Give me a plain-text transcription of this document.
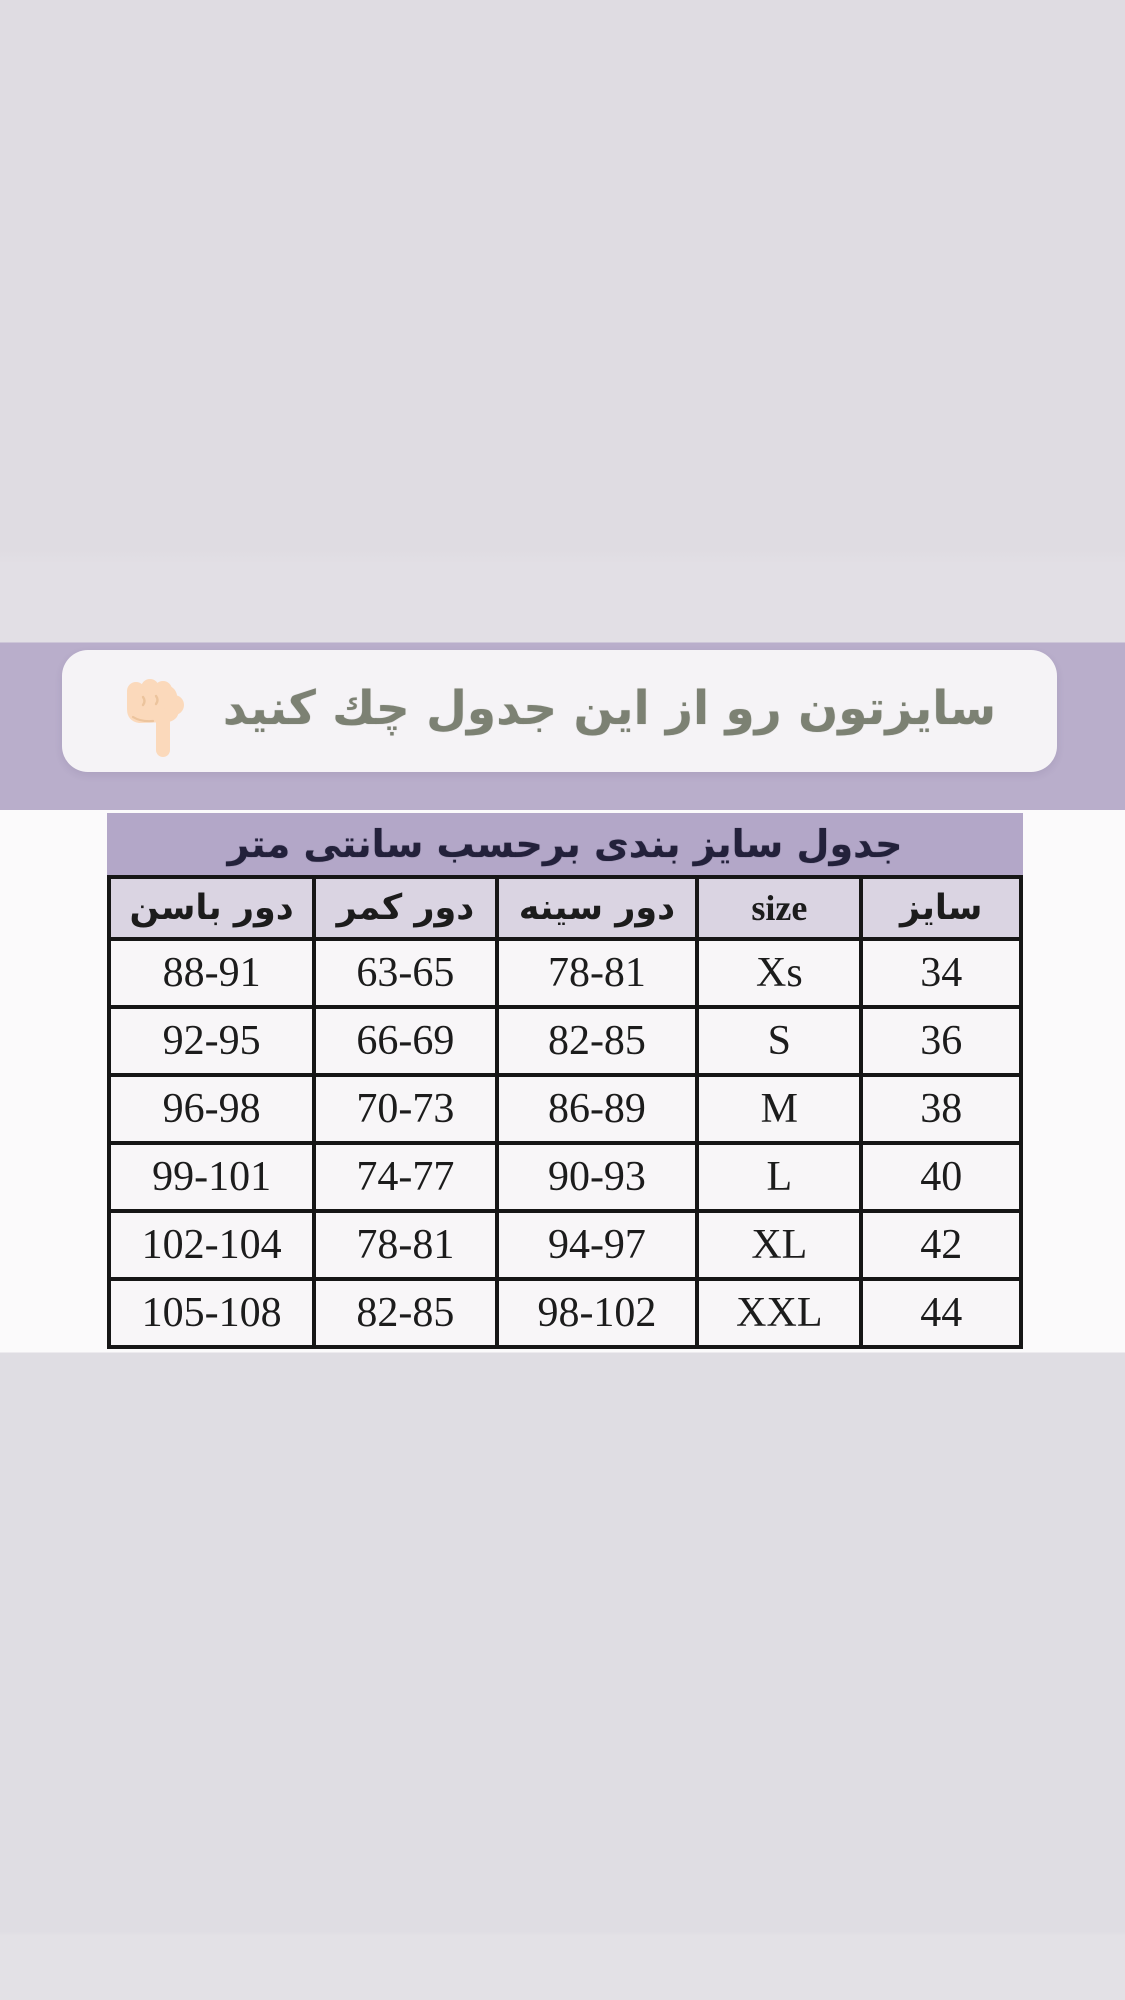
سایزتون رو از این جدول چك كنید
جدول سایز بندی برحسب سانتی متر
سایز	size	دور سینه	دور کمر	دور باسن
34	Xs	78-81	63-65	88-91
36	S	82-85	66-69	92-95
38	M	86-89	70-73	96-98
40	L	90-93	74-77	99-101
42	XL	94-97	78-81	102-104
44	XXL	98-102	82-85	105-108
